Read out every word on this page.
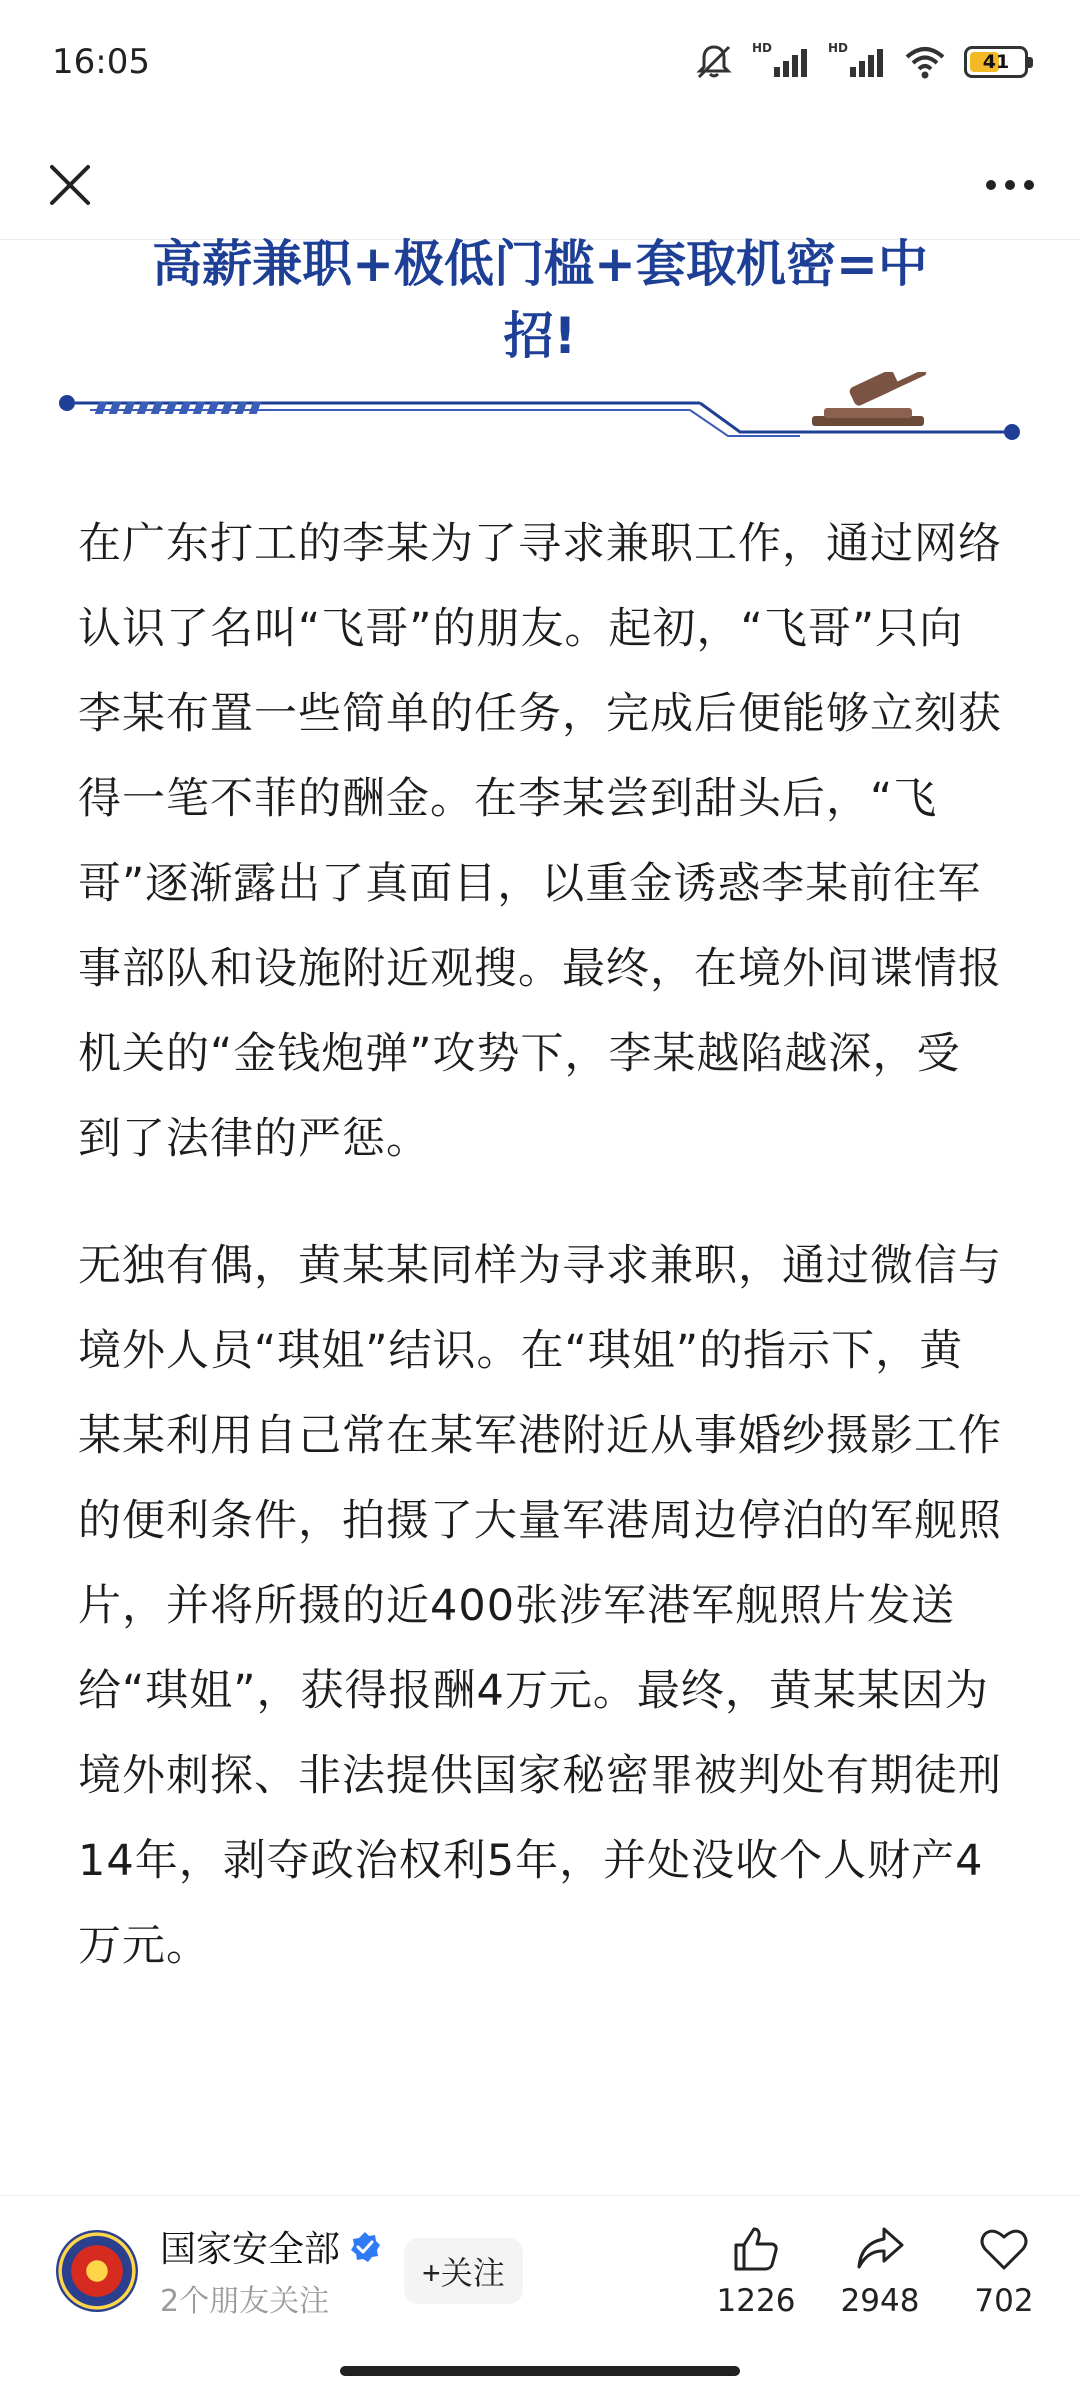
16:05	HD	HD
41
高薪兼职+极低门槛+套取机密=中
招!

在广东打工的李某为了寻求兼职工作，通过网络认识了名叫“飞哥”的朋友。起初，“飞哥”只向李某布置一些简单的任务，完成后便能够立刻获得一笔不菲的酬金。在李某尝到甜头后，“飞哥”逐渐露出了真面目，以重金诱惑李某前往军事部队和设施附近观搜。最终，在境外间谍情报机关的“金钱炮弹”攻势下，李某越陷越深，受到了法律的严惩。

无独有偶，黄某某同样为寻求兼职，通过微信与境外人员“琪姐”结识。在“琪姐”的指示下，黄某某利用自己常在某军港附近从事婚纱摄影工作的便利条件，拍摄了大量军港周边停泊的军舰照片，并将所摄的近400张涉军港军舰照片发送给“琪姐”，获得报酬4万元。最终，黄某某因为境外刺探、非法提供国家秘密罪被判处有期徒刑14年，剥夺政治权利5年，并处没收个人财产4万元。

国家安全部
2个朋友关注
+关注
1226 2948 702
